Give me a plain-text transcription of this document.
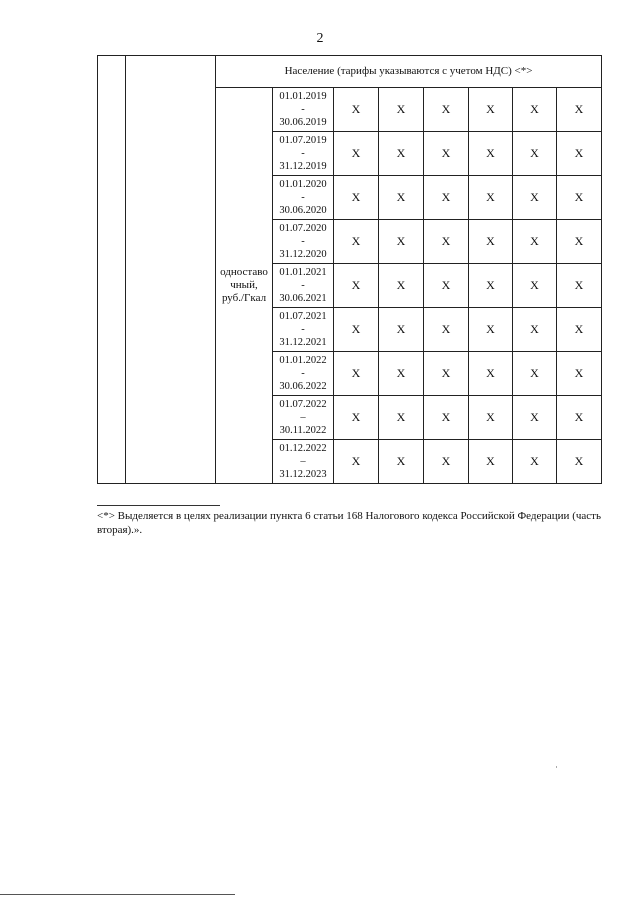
2
		Население (тарифы указываются с учетом НДС) <*>							

		одноставо
чный,
руб./Гкал	01.01.2019
-
30.06.2019	X	X	X	X	X	X

			01.07.2019
-
31.12.2019	X	X	X	X	X	X

			01.01.2020
-
30.06.2020	X	X	X	X	X	X

			01.07.2020
-
31.12.2020	X	X	X	X	X	X

			01.01.2021
-
30.06.2021	X	X	X	X	X	X

			01.07.2021
-
31.12.2021	X	X	X	X	X	X

			01.01.2022
-
30.06.2022	X	X	X	X	X	X

			01.07.2022
–
30.11.2022	X	X	X	X	X	X

			01.12.2022
–
31.12.2023	X	X	X	X	X	X
<*> Выделяется в целях реализации пункта 6 статьи 168 Налогового кодекса Российской Федерации (часть вторая).».
